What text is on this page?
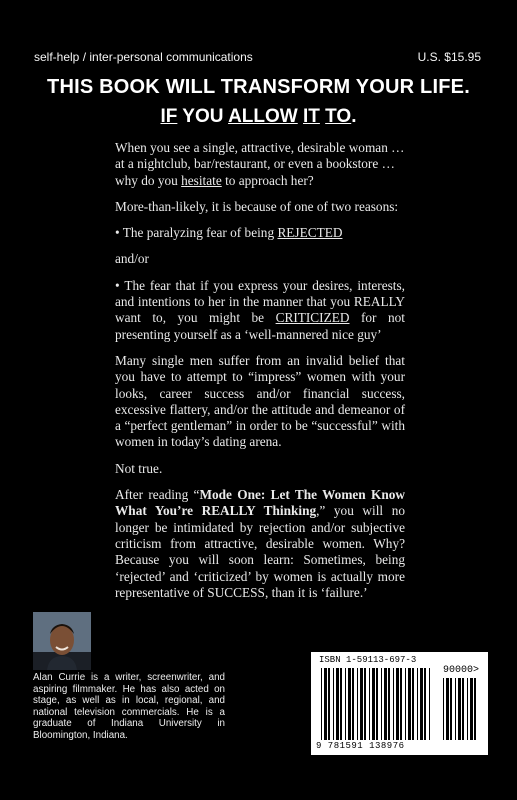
self-help / inter-personal communications	U.S. $15.95
THIS BOOK WILL TRANSFORM YOUR LIFE.
IF YOU ALLOW IT TO.

When you see a single, attractive, desirable woman … at a nightclub, bar/restaurant, or even a bookstore … why do you hesitate to approach her?

More-than-likely, it is because of one of two reasons:

• The paralyzing fear of being REJECTED

and/or

• The fear that if you express your desires, interests, and intentions to her in the manner that you REALLY want to, you might be CRITICIZED for not presenting yourself as a ‘well-mannered nice guy’

Many single men suffer from an invalid belief that you have to attempt to “impress” women with your looks, career success and/or financial success, excessive flattery, and/or the attitude and demeanor of a “perfect gentleman” in order to be “successful” with women in today’s dating arena.

Not true.

After reading “Mode One: Let The Women Know What You’re REALLY Thinking,” you will no longer be intimidated by rejection and/or subjective criticism from attractive, desirable women. Why? Because you will soon learn: Sometimes, being ‘rejected’ and ‘criticized’ by women is actually more representative of SUCCESS, than it is ‘failure.’

Alan Currie is a writer, screenwriter, and aspiring filmmaker. He has also acted on stage, as well as in local, regional, and national television commercials. He is a graduate of Indiana University in Bloomington, Indiana.
ISBN 1-59113-697-3
90000>
9 781591 138976
